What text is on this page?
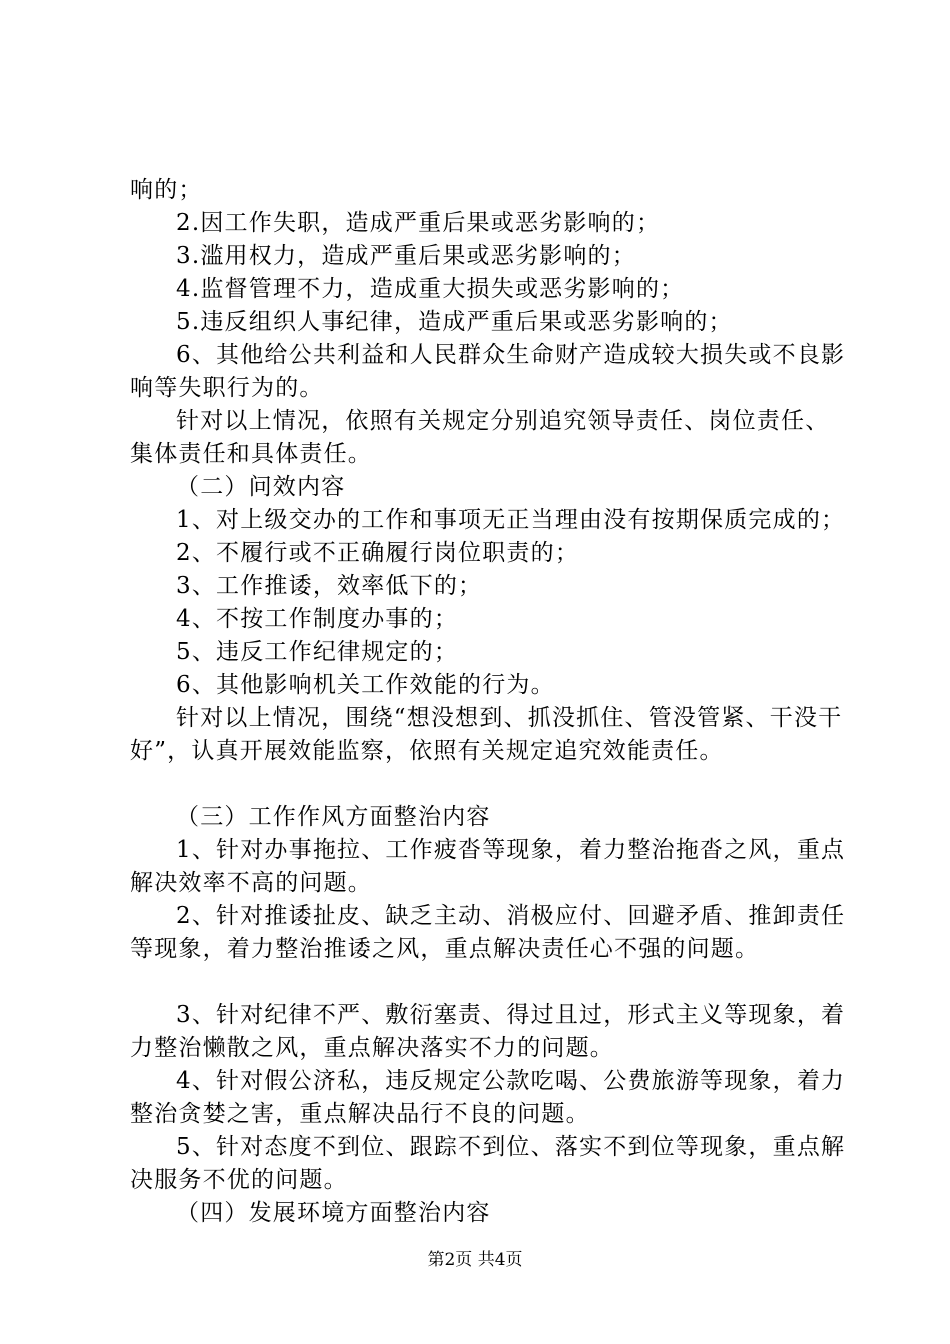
响的；

2.因工作失职，造成严重后果或恶劣影响的；

3.滥用权力，造成严重后果或恶劣影响的；

4.监督管理不力，造成重大损失或恶劣影响的；

5.违反组织人事纪律，造成严重后果或恶劣影响的；

6、其他给公共利益和人民群众生命财产造成较大损失或不良影响等失职行为的。

针对以上情况，依照有关规定分别追究领导责任、岗位责任、集体责任和具体责任。

（二）问效内容

1、对上级交办的工作和事项无正当理由没有按期保质完成的；

2、不履行或不正确履行岗位职责的；

3、工作推诿，效率低下的；

4、不按工作制度办事的；

5、违反工作纪律规定的；

6、其他影响机关工作效能的行为。

针对以上情况，围绕“想没想到、抓没抓住、管没管紧、干没干好”，认真开展效能监察，依照有关规定追究效能责任。

（三）工作作风方面整治内容

1、针对办事拖拉、工作疲沓等现象，着力整治拖沓之风，重点解决效率不高的问题。

2、针对推诿扯皮、缺乏主动、消极应付、回避矛盾、推卸责任等现象，着力整治推诿之风，重点解决责任心不强的问题。

3、针对纪律不严、敷衍塞责、得过且过，形式主义等现象，着力整治懒散之风，重点解决落实不力的问题。

4、针对假公济私，违反规定公款吃喝、公费旅游等现象，着力整治贪婪之害，重点解决品行不良的问题。

5、针对态度不到位、跟踪不到位、落实不到位等现象，重点解决服务不优的问题。

（四）发展环境方面整治内容

第2页 共4页
